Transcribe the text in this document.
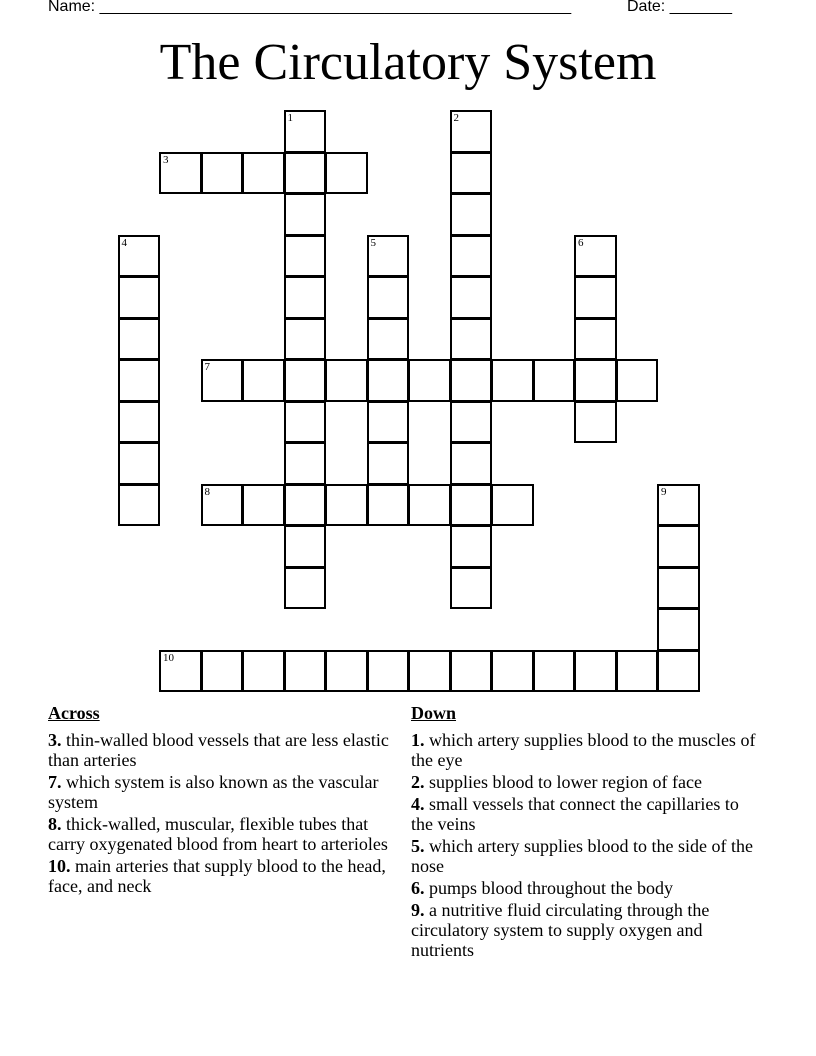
Name: _____________________________________________________	Date: _______
The Circulatory System
1	2
3
4	5	6
7
8	9
10
Across
3. thin-walled blood vessels that are less elastic than arteries
7. which system is also known as the vascular system
8. thick-walled, muscular, flexible tubes that carry oxygenated blood from heart to arterioles
10. main arteries that supply blood to the head, face, and neck
Down
1. which artery supplies blood to the muscles of the eye
2. supplies blood to lower region of face
4. small vessels that connect the capillaries to the veins
5. which artery supplies blood to the side of the nose
6. pumps blood throughout the body
9. a nutritive fluid circulating through the circulatory system to supply oxygen and nutrients
